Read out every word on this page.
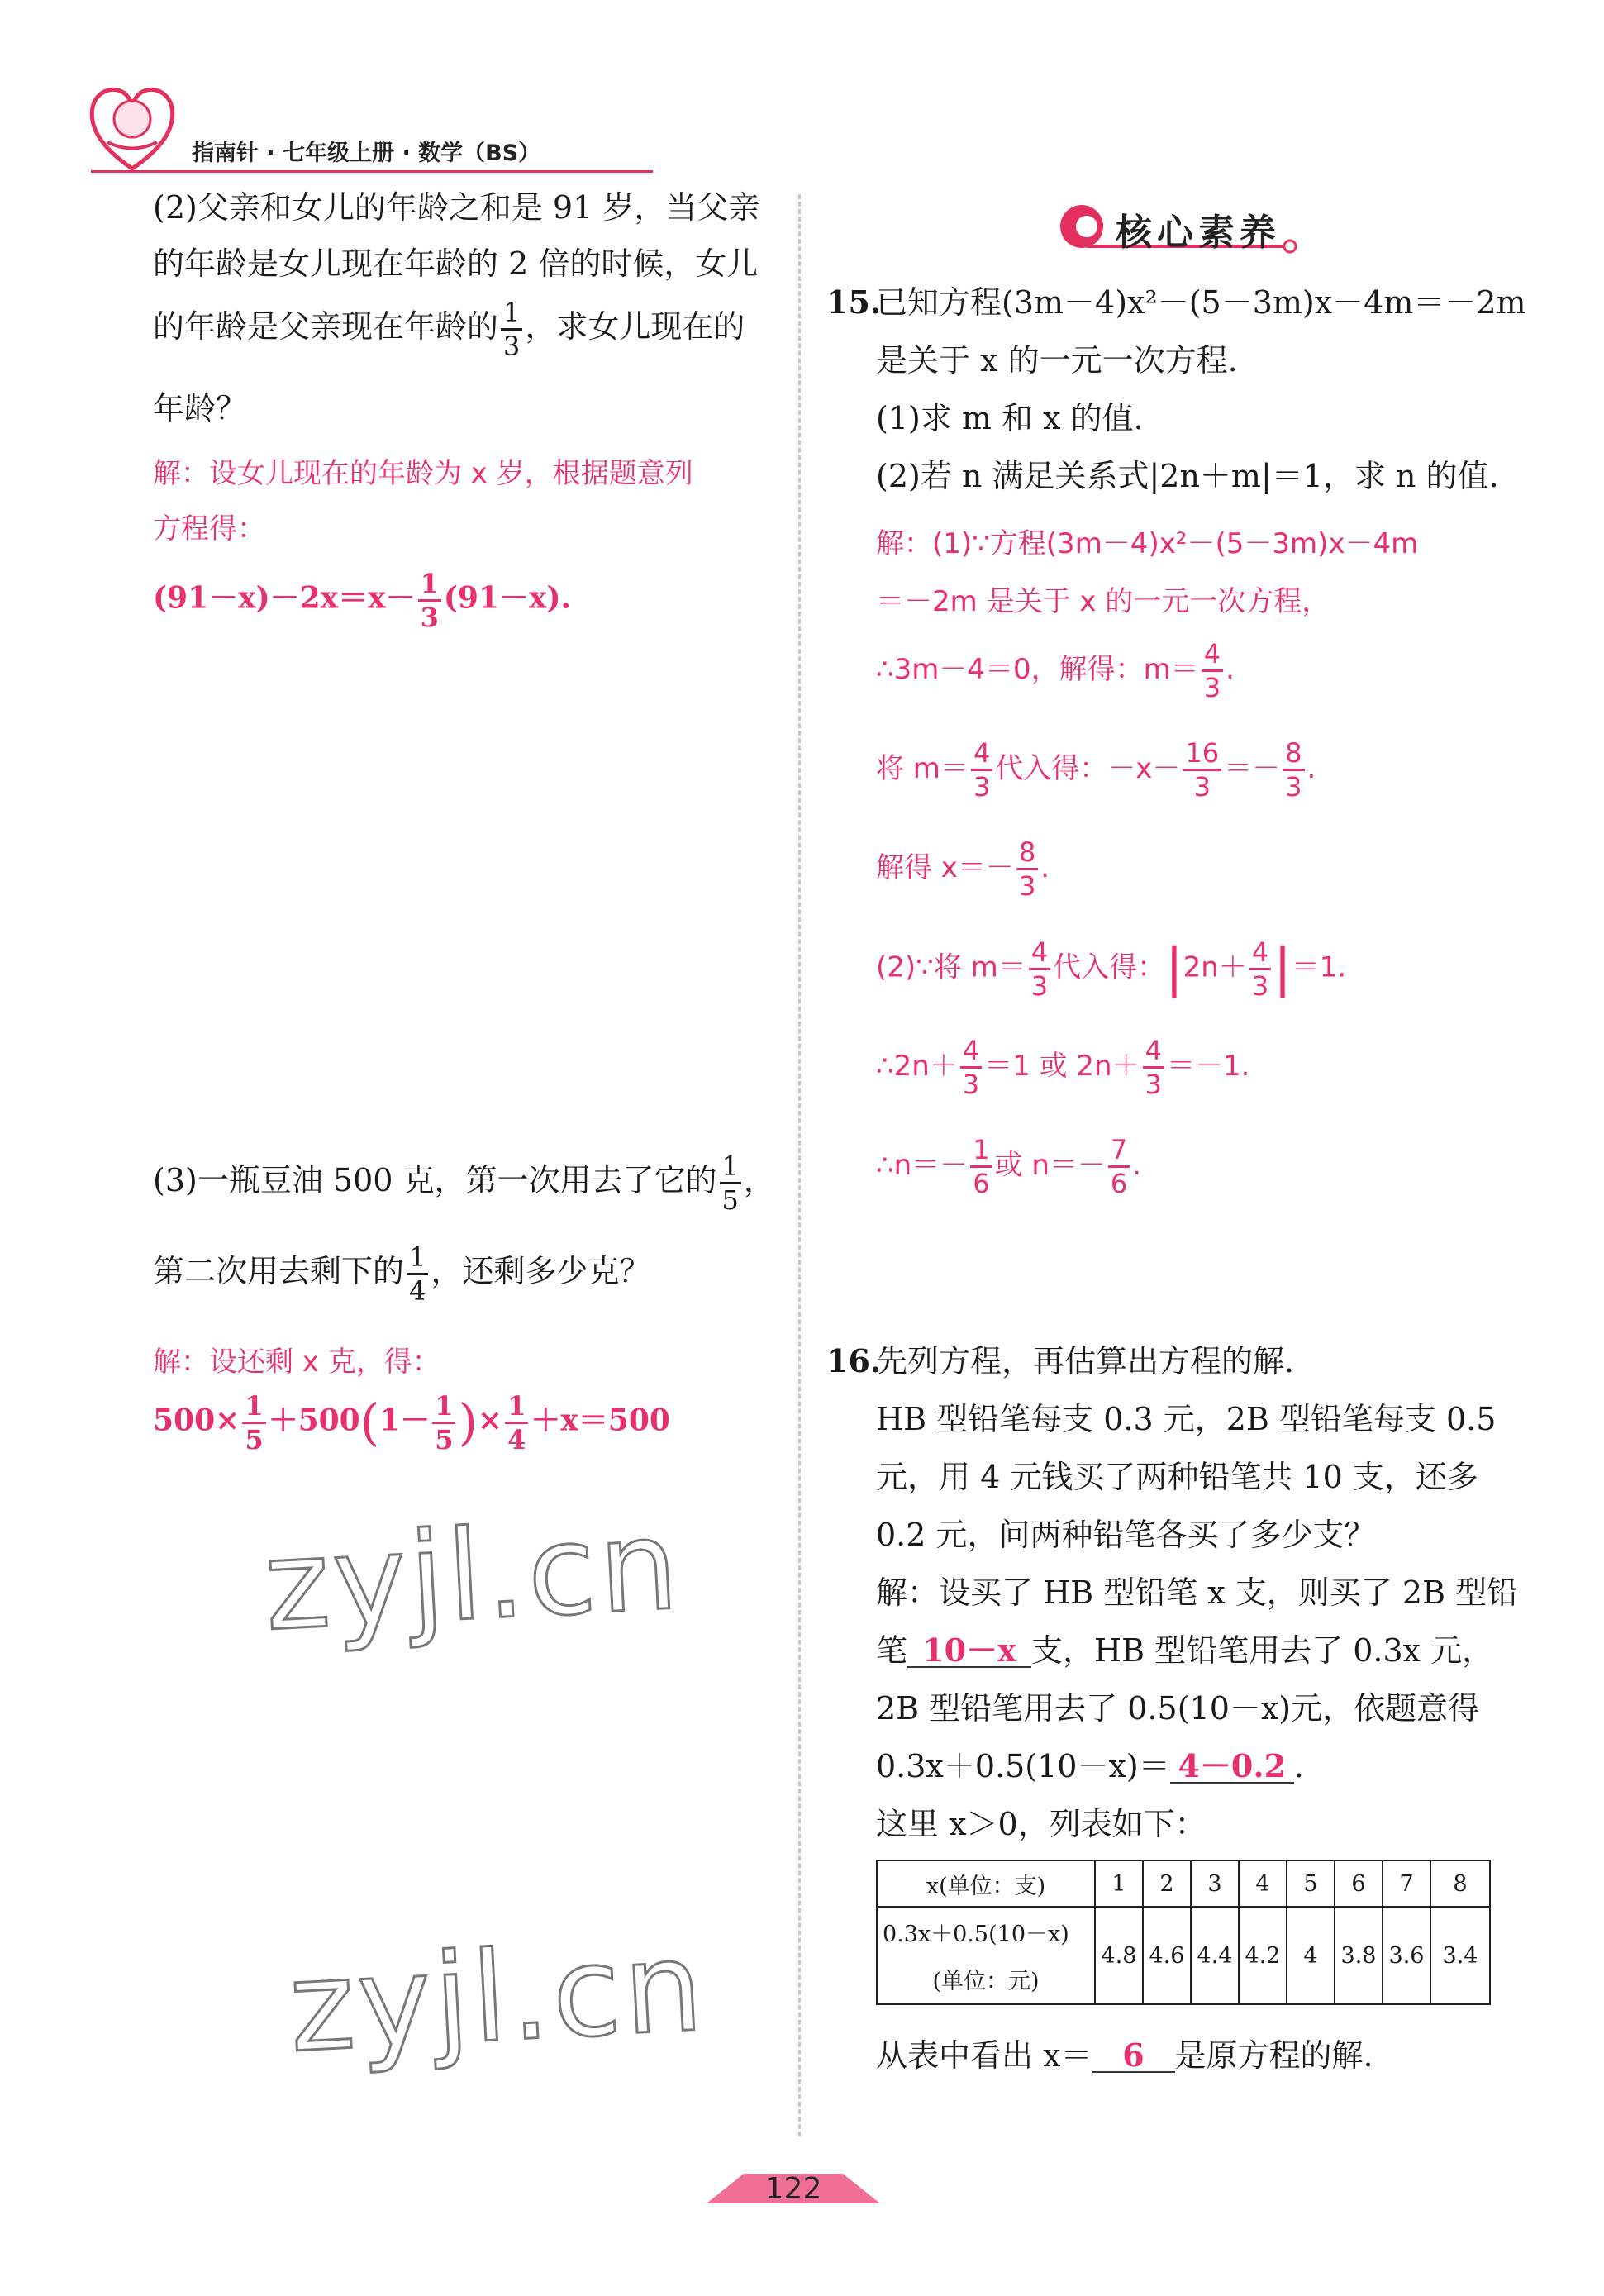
指南针 · 七年级上册 · 数学（BS）
核心素养
(2)父亲和女儿的年龄之和是 91 岁，当父亲
的年龄是女儿现在年龄的 2 倍的时候，女儿
的年龄是父亲现在年龄的 $\frac{1}{3}$ ，求女儿现在的
年龄？
解：设女儿现在的年龄为 x 岁，根据题意列
方程得：
$(91-x)-2x=x- \frac{1}{3} (91-x)$.
(3)一瓶豆油 500 克，第一次用去了它的 $\frac{1}{5}$ ，
第二次用去剩下的 $\frac{1}{4}$ ，还剩多少克？
解：设还剩 x 克，得：
$500\times \frac{1}{5} +500(1- \frac{1}{5}$ )× $\frac{1}{4} +x=500$
zyjl.cn
zyjl.cn
15.
已知方程(3m－4)x²－(5－3m)x－4m＝－2m
是关于 x 的一元一次方程.
(1)求 m 和 x 的值.
(2)若 n 满足关系式|2n＋m|＝1，求 n 的值.
解：(1)∵方程(3m－4)x²－(5－3m)x－4m
＝－2m 是关于 x 的一元一次方程，
∴3m－4＝0，解得：$m= \frac{4}{3}$ .
将 $m= \frac{4}{3}$ 代入得：$-x- \frac{16}{3} =- \frac{8}{3}$ .
解得 $x=- \frac{8}{3}$ .
(2)∵将 $m= \frac{4}{3}$ 代入得：$|2n+ \frac{4}{3} |=1$.
∴2n＋ $\frac{4}{3} =1$ 或 $2n+ \frac{4}{3} =-1$.
∴n＝－ $\frac{1}{6}$ 或 $n=- \frac{7}{6}$ .
16.
先列方程，再估算出方程的解.
HB 型铅笔每支 0.3 元，2B 型铅笔每支 0.5
元，用 4 元钱买了两种铅笔共 10 支，还多
0.2 元，问两种铅笔各买了多少支？
解：设买了 HB 型铅笔 x 支，则买了 2B 型铅
笔 10－x 支，HB 型铅笔用去了 0.3x 元，
2B 型铅笔用去了 0.5(10－x)元，依题意得
0.3x＋0.5(10－x)＝ 4－0.2 .
这里 x＞0，列表如下：
x(单位：支)	1	2	3	4	5	6	7	8

0.3x＋0.5(10－x)
(单位：元)	4.8	4.6	4.4	4.2	4	3.8	3.6	3.4
从表中看出 x＝ 6 是原方程的解.
122
